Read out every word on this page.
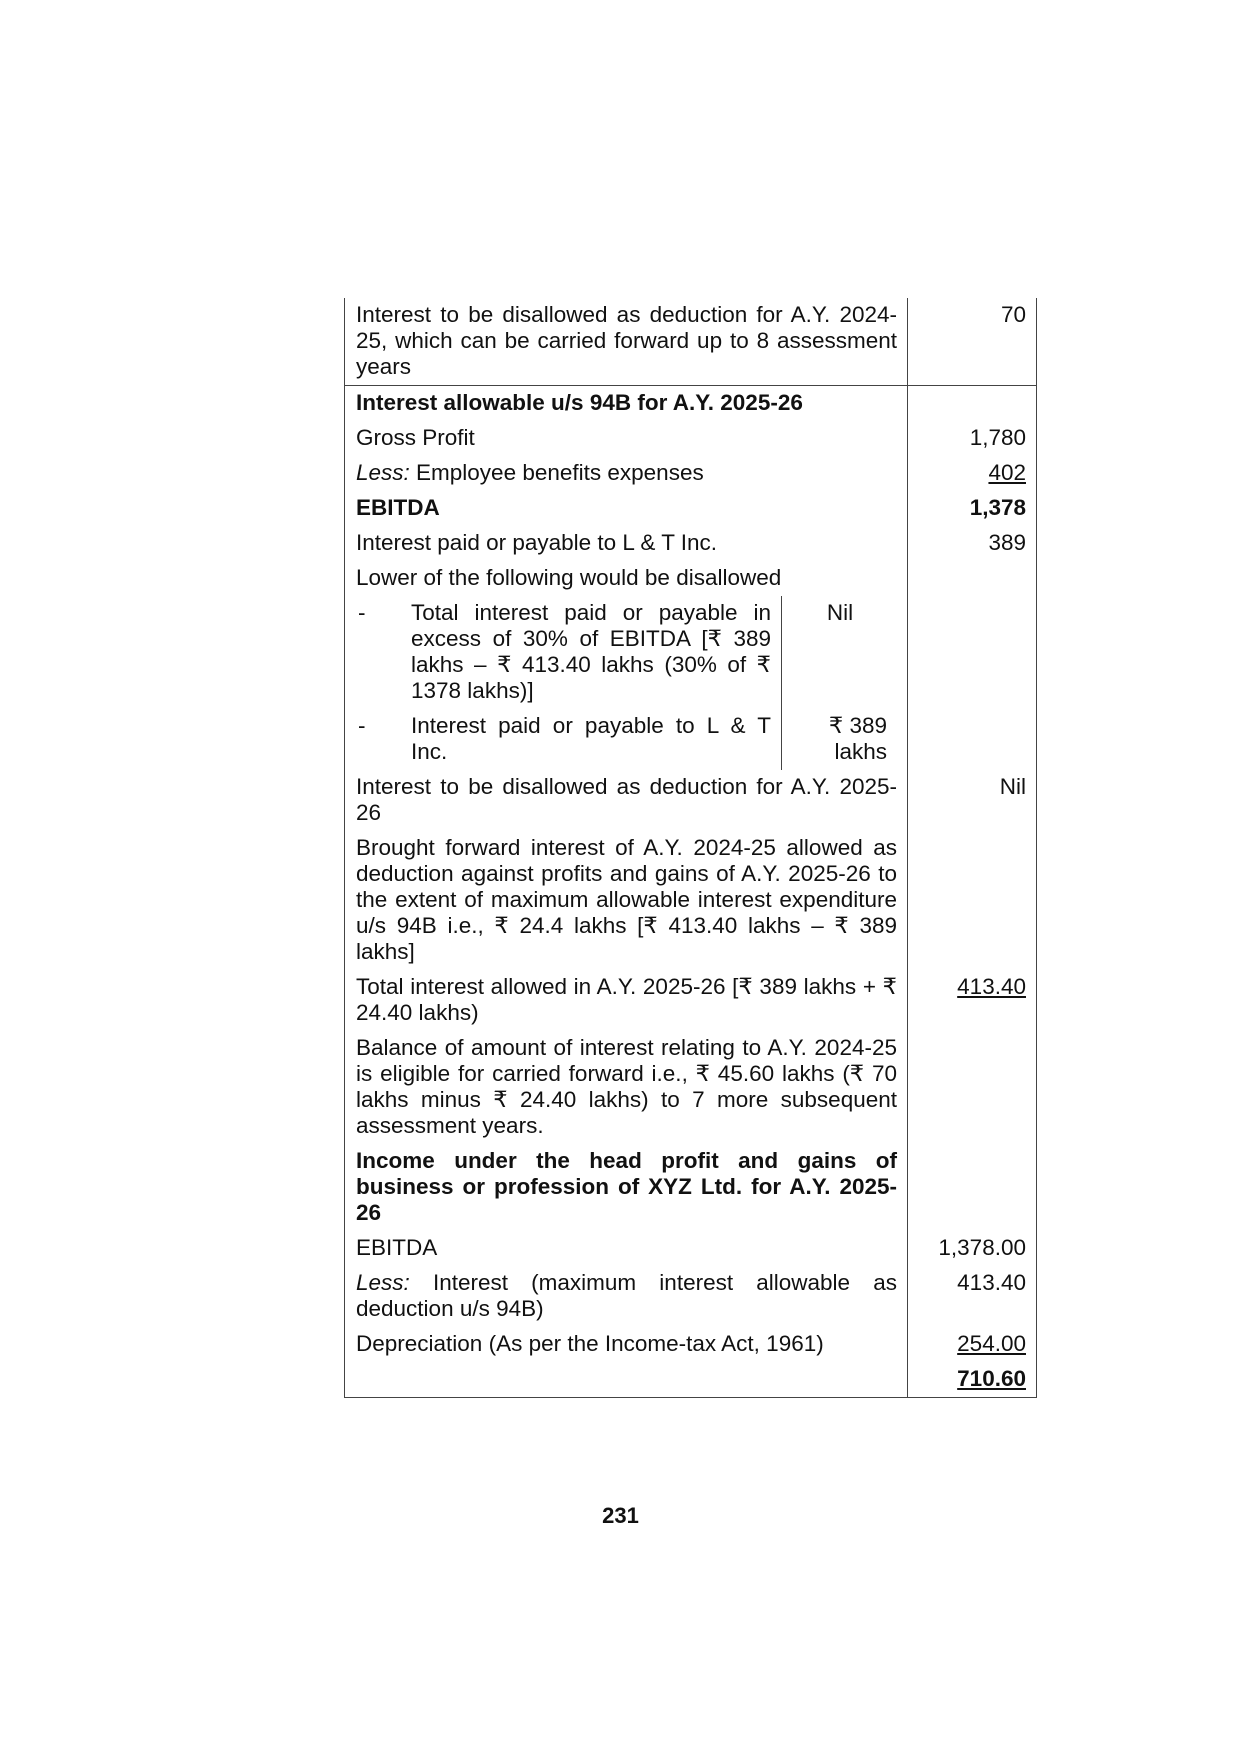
Interest to be disallowed as deduction for A.Y. 2024-25, which can be carried forward up to 8 assessment years	70
Interest allowable u/s 94B for A.Y. 2025-26	
Gross Profit	1,780
Less: Employee benefits expenses	402
EBITDA	1,378
Interest paid or payable to L & T Inc.	389
Lower of the following would be disallowed	

-	Total interest paid or payable in excess of 30% of EBITDA [₹ 389 lakhs – ₹ 413.40 lakhs (30% of ₹ 1378 lakhs)]	Nil
-	Interest paid or payable to L & T Inc.	₹ 389 lakhs

Interest to be disallowed as deduction for A.Y. 2025-26	Nil
Brought forward interest of A.Y. 2024-25 allowed as deduction against profits and gains of A.Y. 2025-26 to the extent of maximum allowable interest expenditure u/s 94B i.e., ₹ 24.4 lakhs [₹ 413.40 lakhs – ₹ 389 lakhs]	
Total interest allowed in A.Y. 2025-26 [₹ 389 lakhs + ₹ 24.40 lakhs)	413.40
Balance of amount of interest relating to A.Y. 2024-25 is eligible for carried forward i.e., ₹ 45.60 lakhs (₹ 70 lakhs minus ₹ 24.40 lakhs) to 7 more subsequent assessment years.	
Income under the head profit and gains of business or profession of XYZ Ltd. for A.Y. 2025-26	
EBITDA	1,378.00
Less: Interest (maximum interest allowable as deduction u/s 94B)	413.40
Depreciation (As per the Income-tax Act, 1961)	254.00
	710.60
231
